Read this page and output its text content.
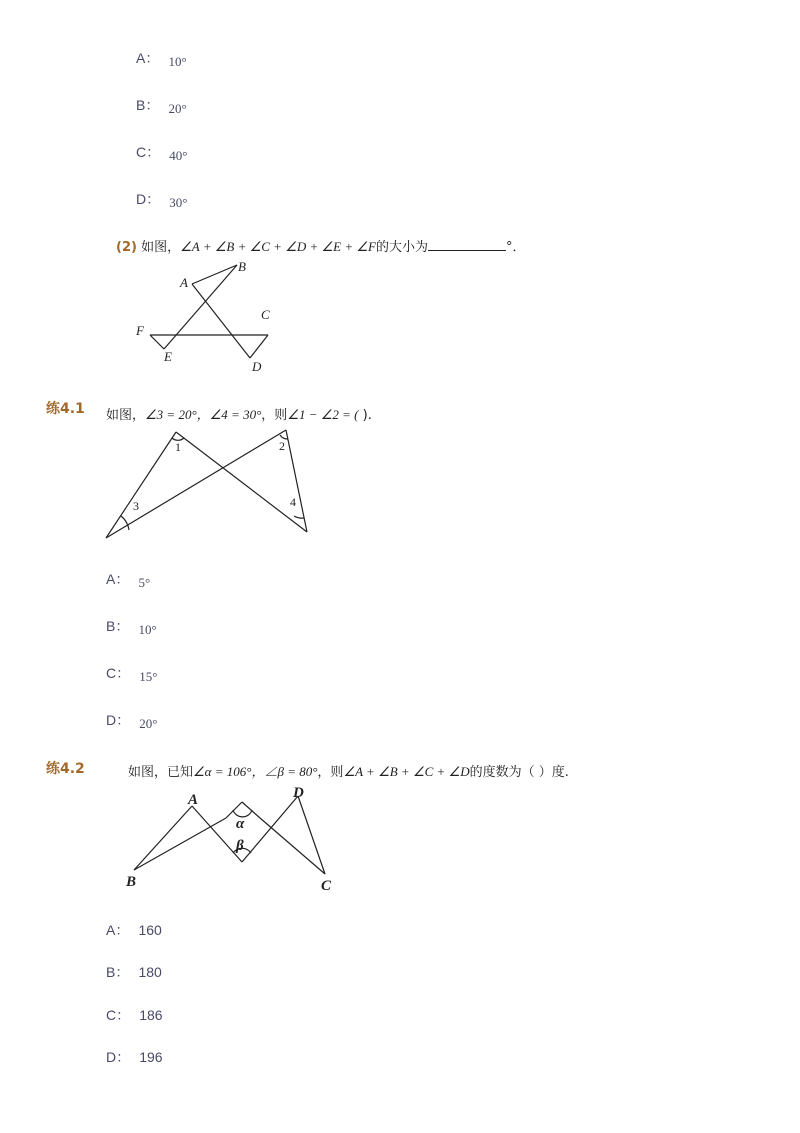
A： 10°
B： 20°
C： 40°
D： 30°
(2) 如图，∠A + ∠B + ∠C + ∠D + ∠E + ∠F的大小为	°．
A
B
C
D
E
F
练4.1 如图，∠3 = 20°，∠4 = 30°，则∠1 − ∠2 = ( ).
1	2
3	4
A： 5°
B： 10°
C： 15°
D： 20°
练4.2	如图，已知∠α = 106°，∠β = 80°，则∠A + ∠B + ∠C + ∠D的度数为（ ）度.
A
B	C
D
α
β
A： 160
B： 180
C： 186
D： 196
